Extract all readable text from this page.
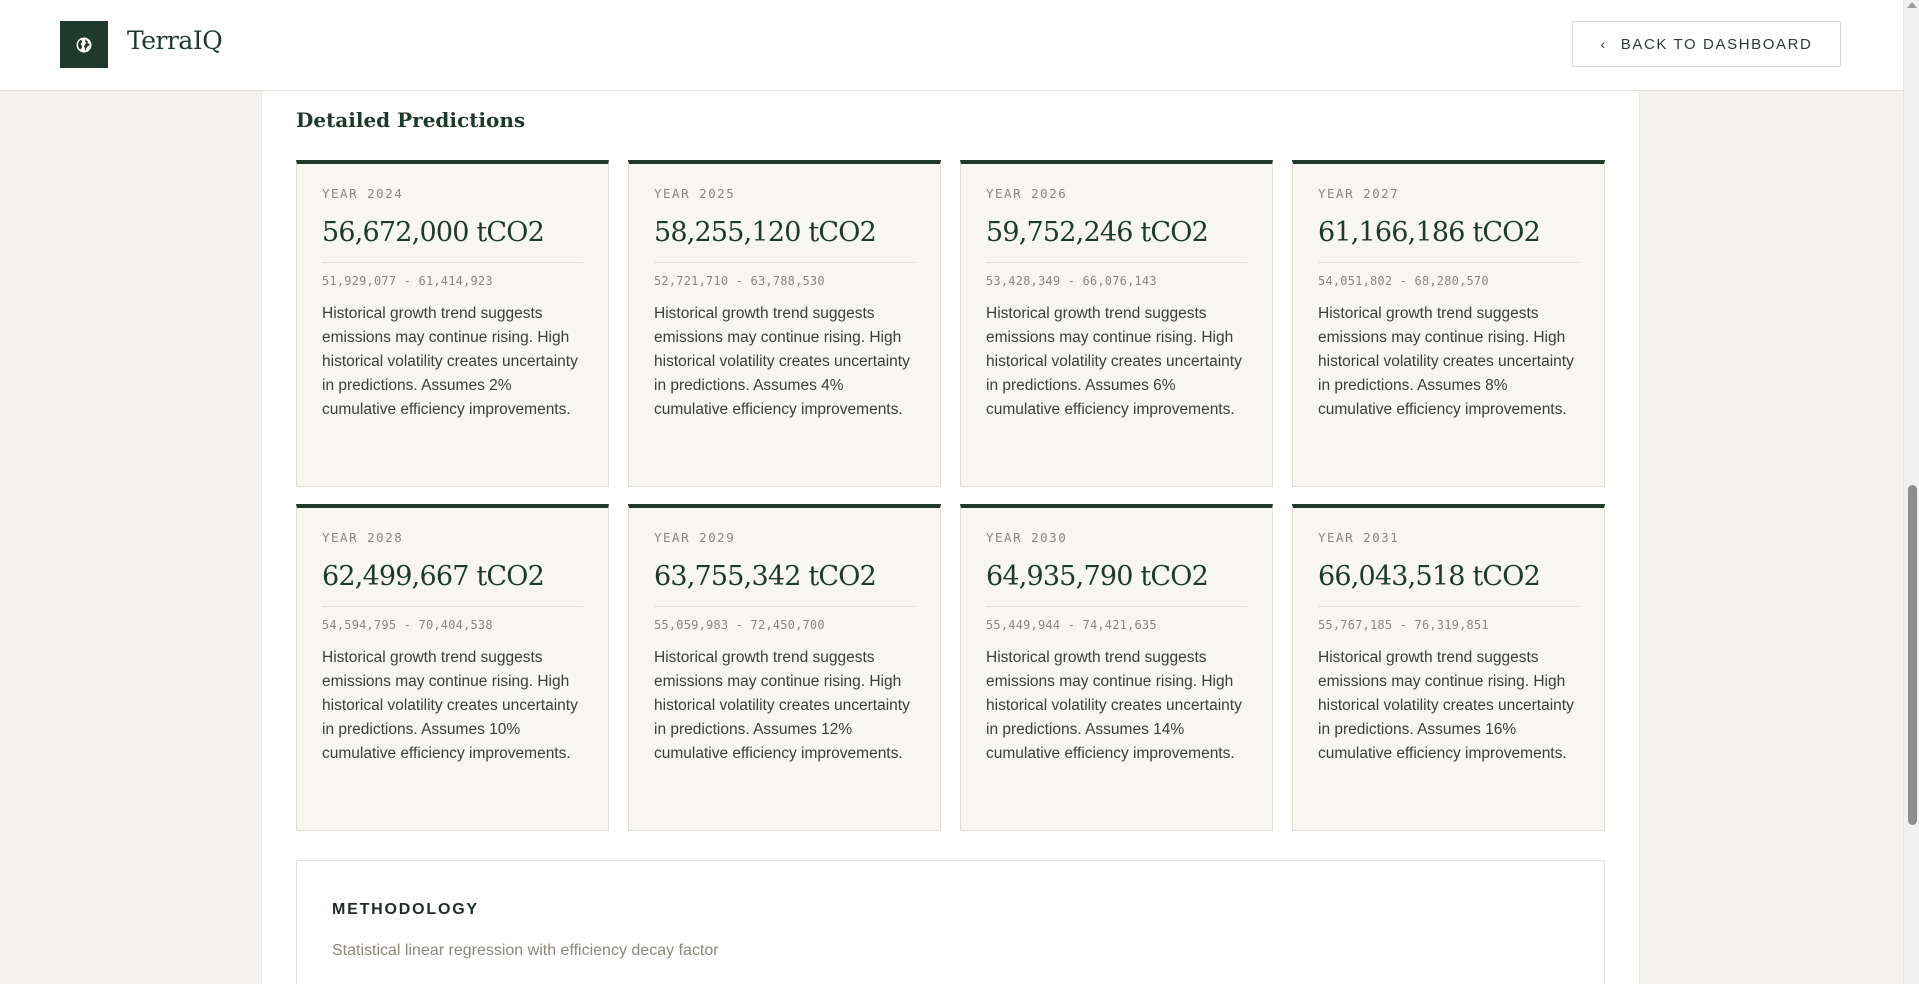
TerraIQ	‹ BACK TO DASHBOARD
Detailed Predictions
YEAR 2024
56,672,000 tCO2
51,929,077 - 61,414,923
Historical growth trend suggests emissions may continue rising. High historical volatility creates uncertainty in predictions. Assumes 2% cumulative efficiency improvements.
YEAR 2025
58,255,120 tCO2
52,721,710 - 63,788,530
Historical growth trend suggests emissions may continue rising. High historical volatility creates uncertainty in predictions. Assumes 4% cumulative efficiency improvements.
YEAR 2026
59,752,246 tCO2
53,428,349 - 66,076,143
Historical growth trend suggests emissions may continue rising. High historical volatility creates uncertainty in predictions. Assumes 6% cumulative efficiency improvements.
YEAR 2027
61,166,186 tCO2
54,051,802 - 68,280,570
Historical growth trend suggests emissions may continue rising. High historical volatility creates uncertainty in predictions. Assumes 8% cumulative efficiency improvements.
YEAR 2028
62,499,667 tCO2
54,594,795 - 70,404,538
Historical growth trend suggests emissions may continue rising. High historical volatility creates uncertainty in predictions. Assumes 10% cumulative efficiency improvements.
YEAR 2029
63,755,342 tCO2
55,059,983 - 72,450,700
Historical growth trend suggests emissions may continue rising. High historical volatility creates uncertainty in predictions. Assumes 12% cumulative efficiency improvements.
YEAR 2030
64,935,790 tCO2
55,449,944 - 74,421,635
Historical growth trend suggests emissions may continue rising. High historical volatility creates uncertainty in predictions. Assumes 14% cumulative efficiency improvements.
YEAR 2031
66,043,518 tCO2
55,767,185 - 76,319,851
Historical growth trend suggests emissions may continue rising. High historical volatility creates uncertainty in predictions. Assumes 16% cumulative efficiency improvements.
METHODOLOGY
Statistical linear regression with efficiency decay factor
